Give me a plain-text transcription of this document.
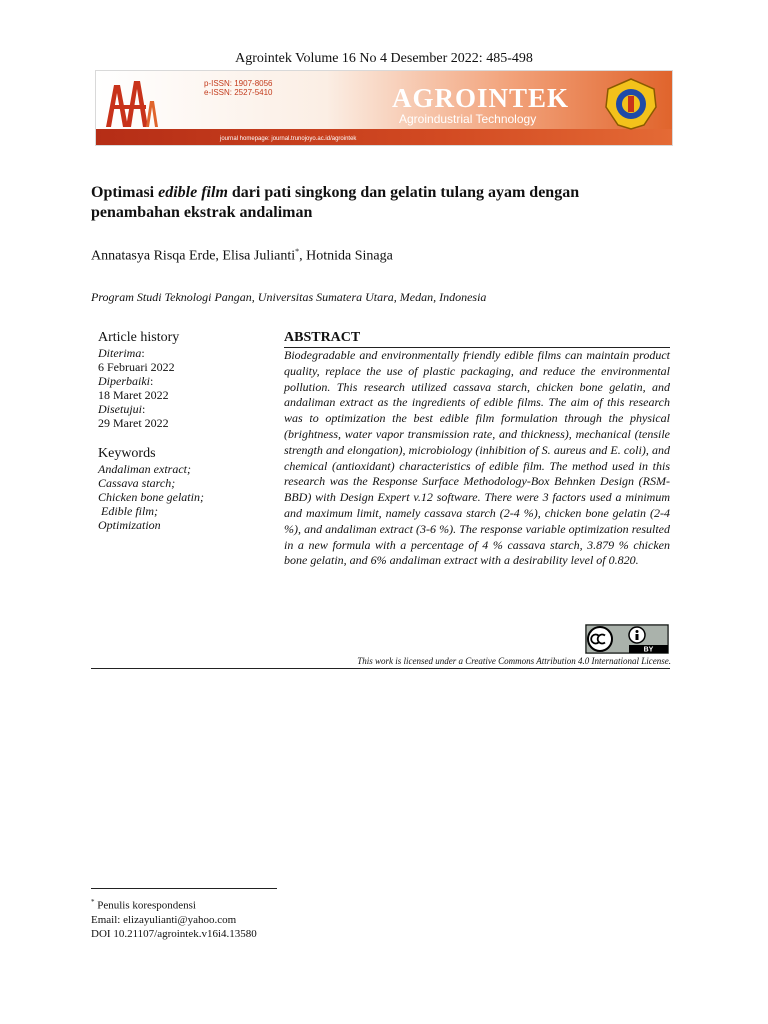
Agrointek Volume 16 No 4 Desember 2022: 485-498
p-ISSN: 1907-8056
e-ISSN: 2527-5410	AGROINTEK
Agroindustrial Technology
journal homepage: journal.trunojoyo.ac.id/agrointek
Optimasi edible film dari pati singkong dan gelatin tulang ayam dengan penambahan ekstrak andaliman
Annatasya Risqa Erde, Elisa Julianti*, Hotnida Sinaga
Program Studi Teknologi Pangan, Universitas Sumatera Utara, Medan, Indonesia
Article history
Diterima:
6 Februari 2022
Diperbaiki:
18 Maret 2022
Disetujui:
29 Maret 2022
Keywords
Andaliman extract;
Cassava starch;
Chicken bone gelatin;
Edible film;
Optimization
ABSTRACT
Biodegradable and environmentally friendly edible films can maintain product quality, replace the use of plastic packaging, and reduce the environmental pollution. This research utilized cassava starch, chicken bone gelatin, and andaliman extract as the ingredients of edible films. The aim of this research was to optimization the best edible film formulation through the physical (brightness, water vapor transmission rate, and thickness), mechanical (tensile strength and elongation), microbiology (inhibition of S. aureus and E. coli), and chemical (antioxidant) characteristics of edible film. The method used in this research was the Response Surface Methodology-Box Behnken Design (RSM-BBD) with Design Expert v.12 software. There were 3 factors used a minimum and maximum limit, namely cassava starch (2-4 %), chicken bone gelatin (2-4 %), and andaliman extract (3-6 %). The response variable optimization resulted in a new formula with a percentage of 4 % cassava starch, 3.879 % chicken bone gelatin, and 6% andaliman extract with a desirability level of 0.820.
BY
This work is licensed under a Creative Commons Attribution 4.0 International License.
* Penulis korespondensi
Email: elizayulianti@yahoo.com
DOI 10.21107/agrointek.v16i4.13580
